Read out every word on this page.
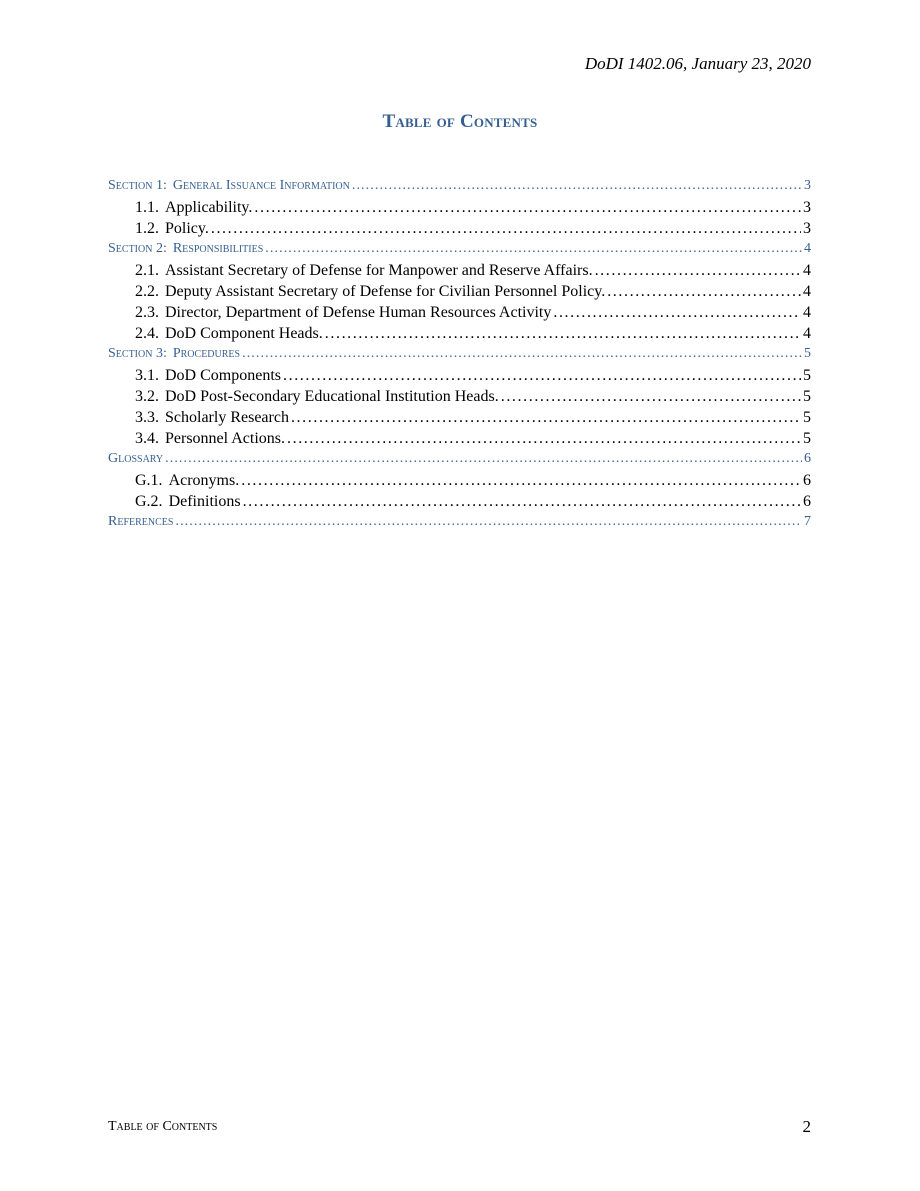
DoDI 1402.06, January 23, 2020
Table of Contents
Section 1: General Issuance Information . . .	3
1.1. Applicability. . . .	3
1.2. Policy. . . .	3
Section 2: Responsibilities . . .	4
2.1. Assistant Secretary of Defense for Manpower and Reserve Affairs. . . .	4
2.2. Deputy Assistant Secretary of Defense for Civilian Personnel Policy. . . .	4
2.3. Director, Department of Defense Human Resources Activity . . .	4
2.4. DoD Component Heads. . . .	4
Section 3: Procedures . . .	5
3.1. DoD Components . . .	5
3.2. DoD Post-Secondary Educational Institution Heads. . . .	5
3.3. Scholarly Research . . .	5
3.4. Personnel Actions. . . .	5
Glossary . . .	6
G.1. Acronyms. . . .	6
G.2. Definitions . . .	6
References . . .	7
Table of Contents	2
